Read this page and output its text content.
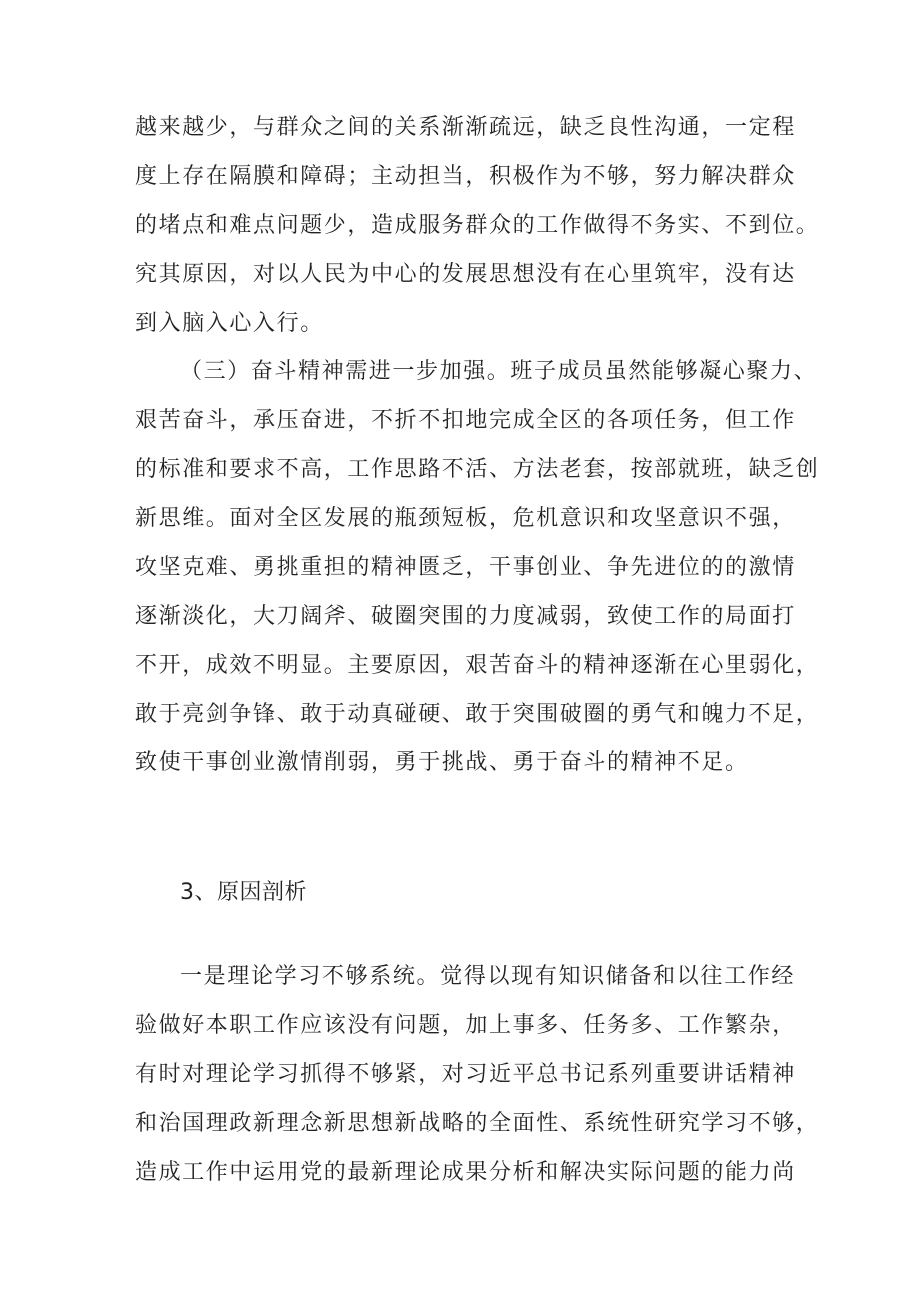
越来越少，与群众之间的关系渐渐疏远，缺乏良性沟通，一定程
度上存在隔膜和障碍；主动担当，积极作为不够，努力解决群众
的堵点和难点问题少，造成服务群众的工作做得不务实、不到位。
究其原因，对以人民为中心的发展思想没有在心里筑牢，没有达
到入脑入心入行。
（三）奋斗精神需进一步加强。班子成员虽然能够凝心聚力、
艰苦奋斗，承压奋进，不折不扣地完成全区的各项任务，但工作
的标准和要求不高，工作思路不活、方法老套，按部就班，缺乏创
新思维。面对全区发展的瓶颈短板，危机意识和攻坚意识不强，
攻坚克难、勇挑重担的精神匮乏，干事创业、争先进位的的激情
逐渐淡化，大刀阔斧、破圈突围的力度减弱，致使工作的局面打
不开，成效不明显。主要原因，艰苦奋斗的精神逐渐在心里弱化，
敢于亮剑争锋、敢于动真碰硬、敢于突围破圈的勇气和魄力不足，
致使干事创业激情削弱，勇于挑战、勇于奋斗的精神不足。
3、原因剖析
一是理论学习不够系统。觉得以现有知识储备和以往工作经
验做好本职工作应该没有问题，加上事多、任务多、工作繁杂，
有时对理论学习抓得不够紧，对习近平总书记系列重要讲话精神
和治国理政新理念新思想新战略的全面性、系统性研究学习不够，
造成工作中运用党的最新理论成果分析和解决实际问题的能力尚
